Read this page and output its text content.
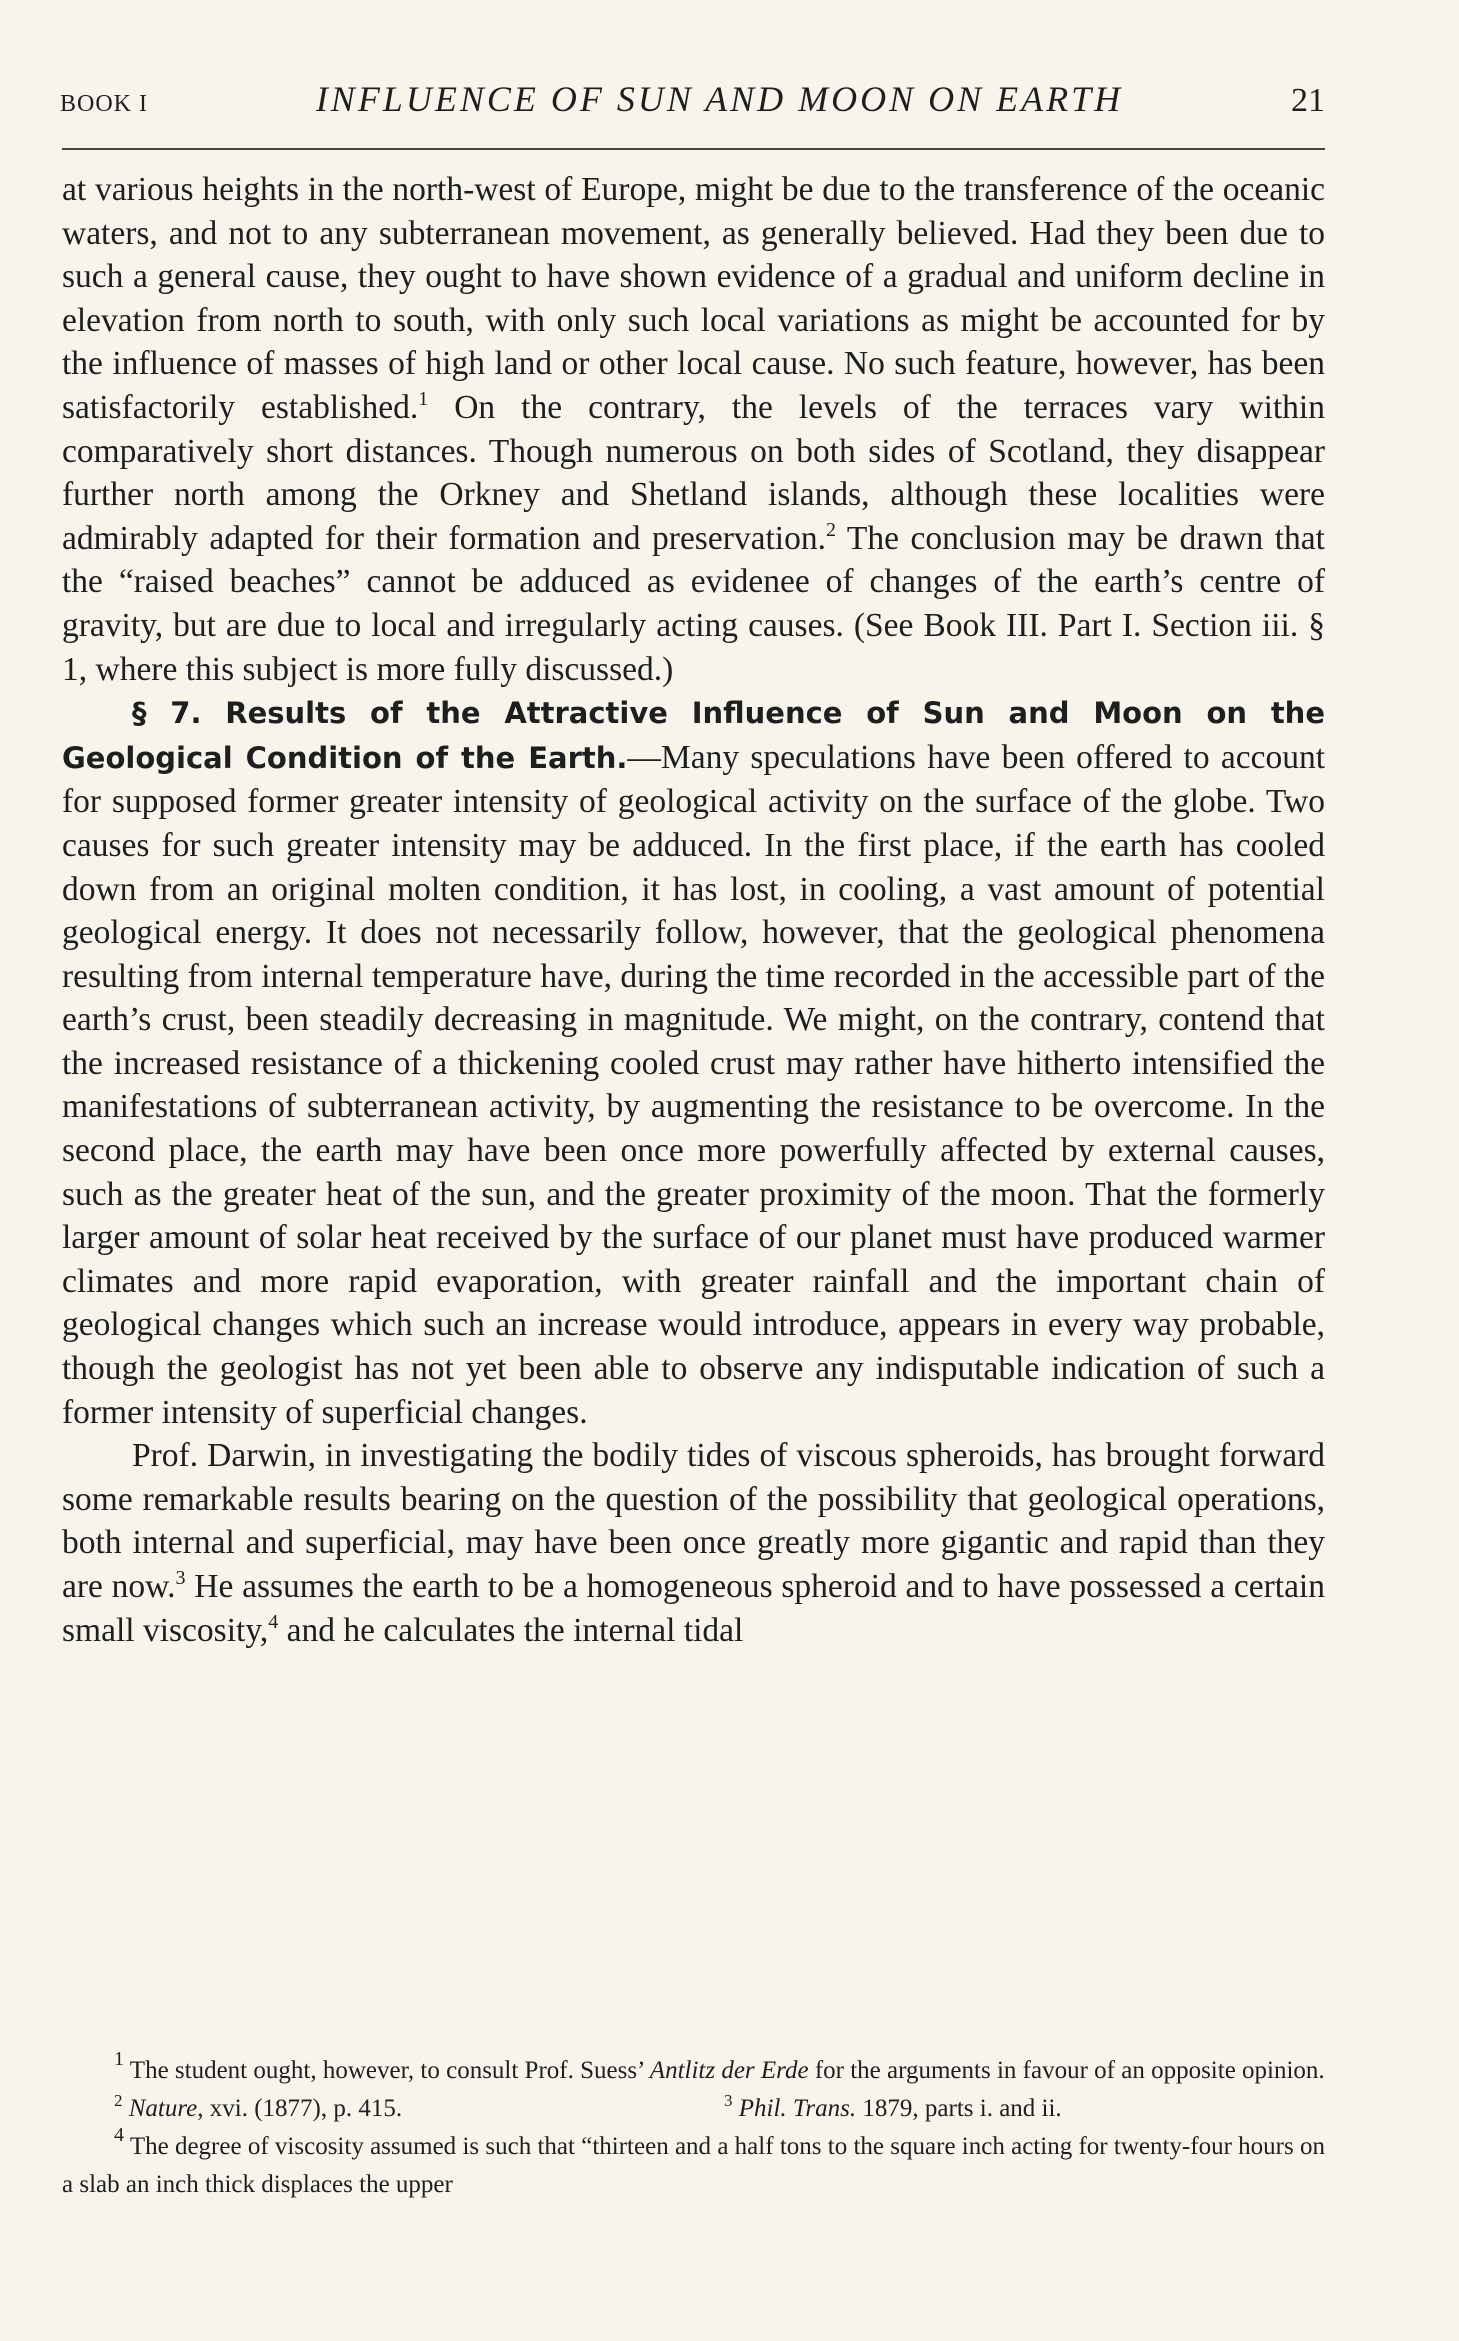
BOOK I	INFLUENCE OF SUN AND MOON ON EARTH	21

at various heights in the north-west of Europe, might be due to the transference of the oceanic waters, and not to any subterranean movement, as generally believed. Had they been due to such a general cause, they ought to have shown evidence of a gradual and uniform decline in elevation from north to south, with only such local variations as might be accounted for by the influence of masses of high land or other local cause. No such feature, however, has been satisfactorily established.$^1$ On the contrary, the levels of the terraces vary within comparatively short distances. Though numerous on both sides of Scotland, they disappear further north among the Orkney and Shetland islands, although these localities were admirably adapted for their formation and preservation.$^2$ The conclusion may be drawn that the “raised beaches” cannot be adduced as evidenee of changes of the earth’s centre of gravity, but are due to local and irregularly acting causes. (See Book III. Part I. Section iii. § 1, where this subject is more fully discussed.)

§ 7. Results of the Attractive Influence of Sun and Moon on the Geological Condition of the Earth.—Many speculations have been offered to account for supposed former greater intensity of geological activity on the surface of the globe. Two causes for such greater intensity may be adduced. In the first place, if the earth has cooled down from an original molten condition, it has lost, in cooling, a vast amount of potential geological energy. It does not necessarily follow, however, that the geological phenomena resulting from internal temperature have, during the time recorded in the accessible part of the earth’s crust, been steadily decreasing in magnitude. We might, on the contrary, contend that the increased resistance of a thickening cooled crust may rather have hitherto intensified the manifestations of subterranean activity, by augmenting the resistance to be overcome. In the second place, the earth may have been once more powerfully affected by external causes, such as the greater heat of the sun, and the greater proximity of the moon. That the formerly larger amount of solar heat received by the surface of our planet must have produced warmer climates and more rapid evaporation, with greater rainfall and the important chain of geological changes which such an increase would introduce, appears in every way probable, though the geologist has not yet been able to observe any indisputable indication of such a former intensity of superficial changes.

Prof. Darwin, in investigating the bodily tides of viscous spheroids, has brought forward some remarkable results bearing on the question of the possibility that geological operations, both internal and superficial, may have been once greatly more gigantic and rapid than they are now.$^3$ He assumes the earth to be a homogeneous spheroid and to have possessed a certain small viscosity,$^4$ and he calculates the internal tidal

$^1$ The student ought, however, to consult Prof. Suess’ Antlitz der Erde for the arguments in favour of an opposite opinion.

$^2$ Nature, xvi. (1877), p. 415.	$^3$ Phil. Trans. 1879, parts i. and ii.

$^4$ The degree of viscosity assumed is such that “thirteen and a half tons to the square inch acting for twenty-four hours on a slab an inch thick displaces the upper
